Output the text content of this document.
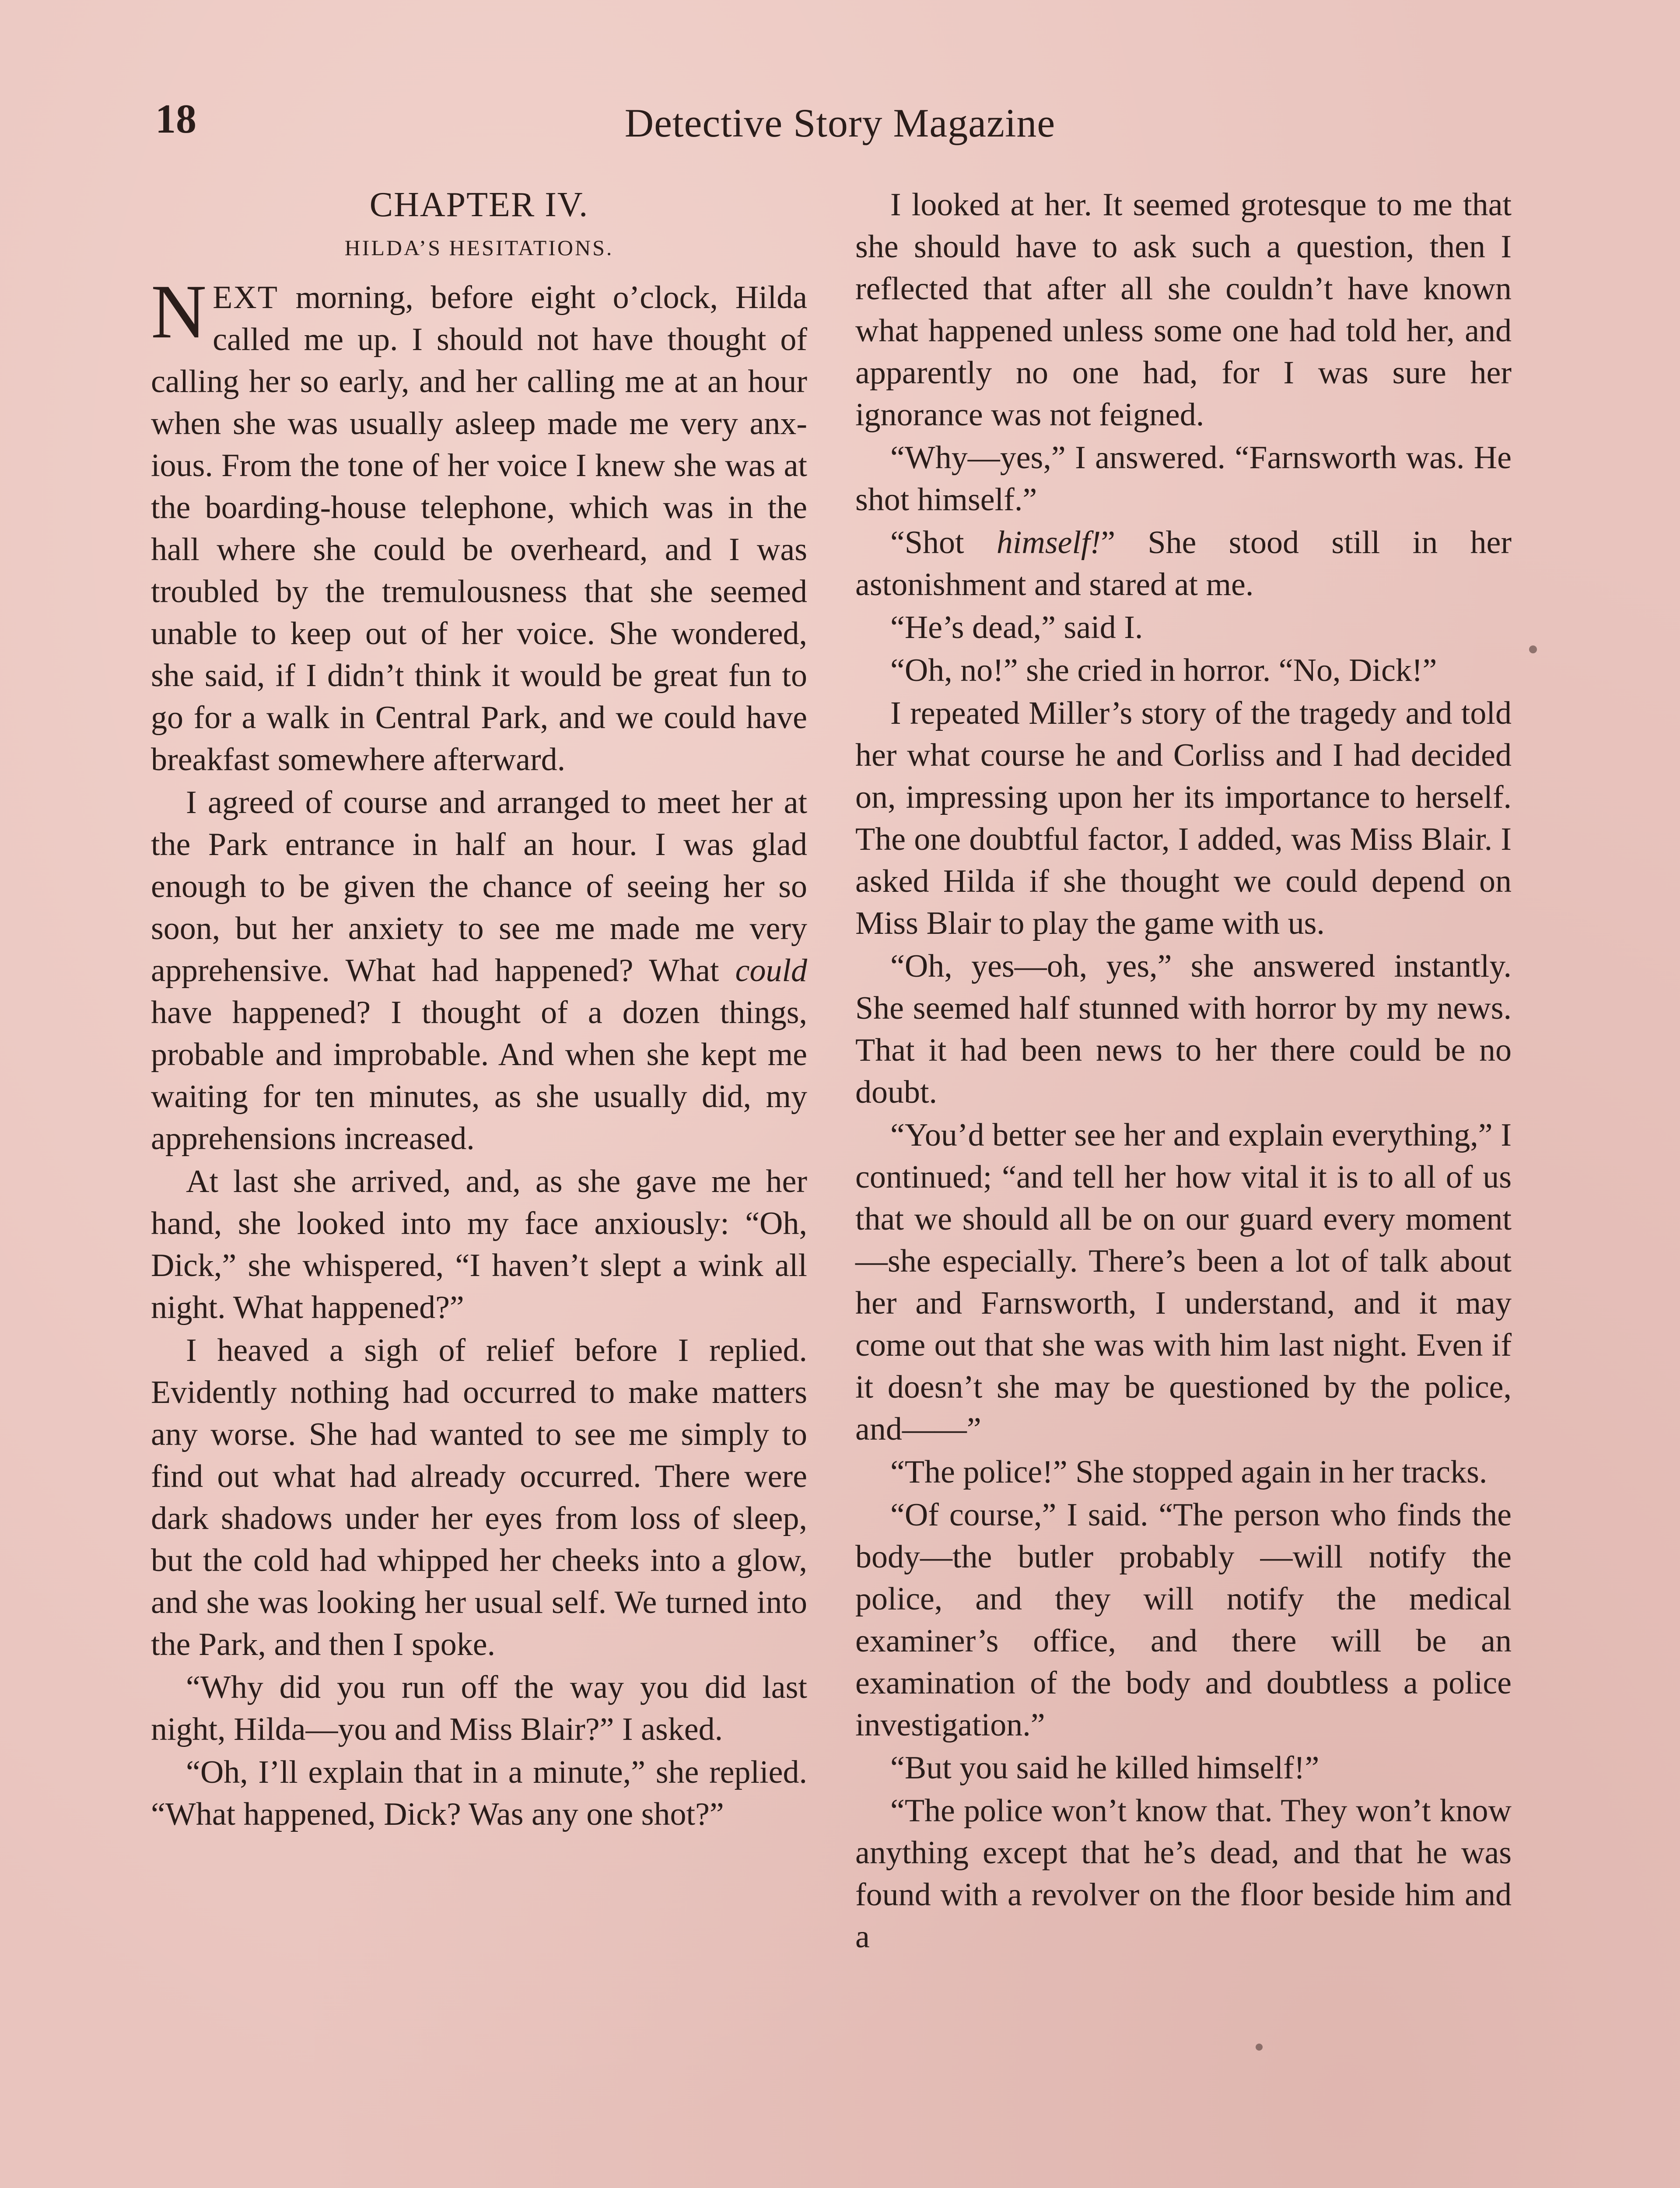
18	Detective Story Magazine
CHAPTER IV.
HILDA’S HESITATIONS.

NEXT morning, before eight o’clock, Hilda called me up. I should not have thought of calling her so early, and her calling me at an hour when she was usually asleep made me very anxious. From the tone of her voice I knew she was at the boarding-house telephone, which was in the hall where she could be overheard, and I was troubled by the tremulousness that she seemed unable to keep out of her voice. She wondered, she said, if I didn’t think it would be great fun to go for a walk in Central Park, and we could have breakfast somewhere afterward.

I agreed of course and arranged to meet her at the Park entrance in half an hour. I was glad enough to be given the chance of seeing her so soon, but her anxiety to see me made me very apprehensive. What had happened? What could have happened? I thought of a dozen things, probable and improbable. And when she kept me waiting for ten minutes, as she usually did, my apprehensions increased.

At last she arrived, and, as she gave me her hand, she looked into my face anxiously: “Oh, Dick,” she whispered, “I haven’t slept a wink all night. What happened?”

I heaved a sigh of relief before I replied. Evidently nothing had occurred to make matters any worse. She had wanted to see me simply to find out what had already occurred. There were dark shadows under her eyes from loss of sleep, but the cold had whipped her cheeks into a glow, and she was looking her usual self. We turned into the Park, and then I spoke.

“Why did you run off the way you did last night, Hilda—you and Miss Blair?” I asked.

“Oh, I’ll explain that in a minute,” she replied. “What happened, Dick? Was any one shot?”

I looked at her. It seemed grotesque to me that she should have to ask such a question, then I reflected that after all she couldn’t have known what happened unless some one had told her, and apparently no one had, for I was sure her ignorance was not feigned.

“Why—yes,” I answered. “Farnsworth was. He shot himself.”

“Shot himself!” She stood still in her astonishment and stared at me.

“He’s dead,” said I.

“Oh, no!” she cried in horror. “No, Dick!”

I repeated Miller’s story of the tragedy and told her what course he and Corliss and I had decided on, impressing upon her its importance to herself. The one doubtful factor, I added, was Miss Blair. I asked Hilda if she thought we could depend on Miss Blair to play the game with us.

“Oh, yes—oh, yes,” she answered instantly. She seemed half stunned with horror by my news. That it had been news to her there could be no doubt.

“You’d better see her and explain everything,” I continued; “and tell her how vital it is to all of us that we should all be on our guard every moment—she especially. There’s been a lot of talk about her and Farnsworth, I understand, and it may come out that she was with him last night. Even if it doesn’t she may be questioned by the police, and——”

“The police!” She stopped again in her tracks.

“Of course,” I said. “The person who finds the body—the butler probably —will notify the police, and they will notify the medical examiner’s office, and there will be an examination of the body and doubtless a police investigation.”

“But you said he killed himself!”

“The police won’t know that. They won’t know anything except that he’s dead, and that he was found with a revolver on the floor beside him and a
